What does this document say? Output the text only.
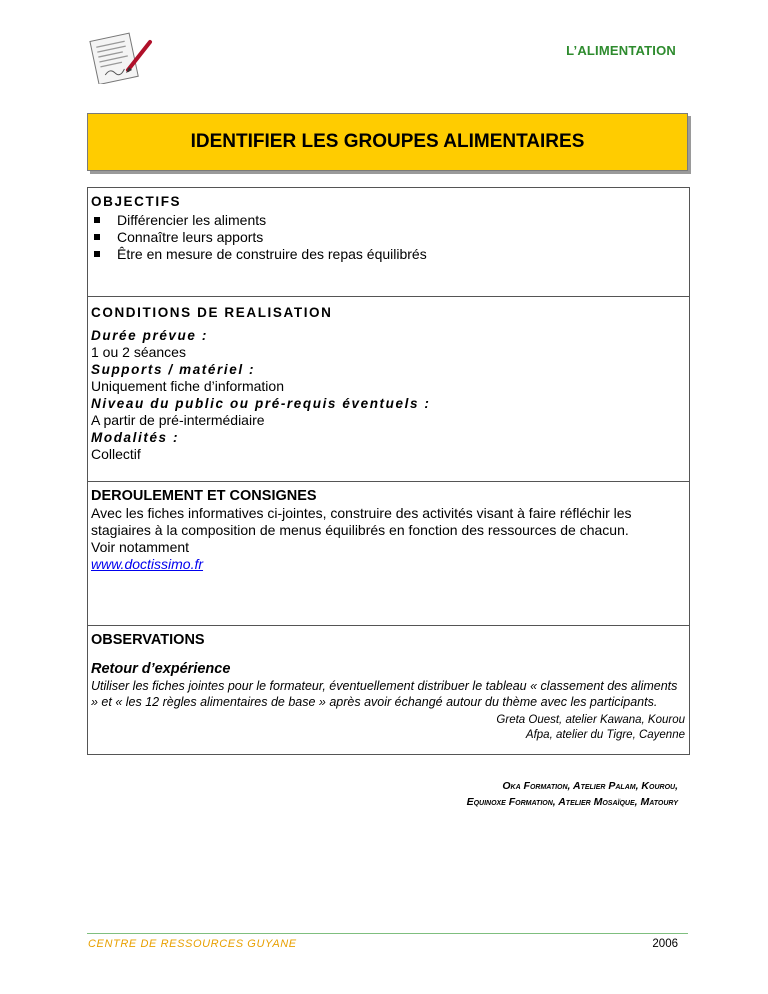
L’ALIMENTATION
IDENTIFIER LES GROUPES ALIMENTAIRES
OBJECTIFS
Différencier les aliments
Connaître leurs apports
Être en mesure de construire des repas équilibrés
CONDITIONS DE REALISATION
Durée prévue :
1 ou 2 séances
Supports / matériel :
Uniquement fiche d’information
Niveau du public ou pré-requis éventuels :
A partir de pré-intermédiaire
Modalités :
Collectif
DEROULEMENT ET CONSIGNES
Avec les fiches informatives ci-jointes, construire des activités visant à faire réfléchir les stagiaires à la composition de menus équilibrés en fonction des ressources de chacun.
Voir notamment
www.doctissimo.fr
OBSERVATIONS
Retour d’expérience
Utiliser les fiches jointes pour le formateur, éventuellement distribuer le tableau « classement des aliments » et « les 12 règles alimentaires de base » après avoir échangé autour du thème avec les participants.
Greta Ouest, atelier Kawana, Kourou
Afpa, atelier du Tigre, Cayenne
Oka Formation, Atelier Palam, Kourou,
Equinoxe Formation, Atelier Mosaïque, Matoury
CENTRE DE RESSOURCES GUYANE	2006
